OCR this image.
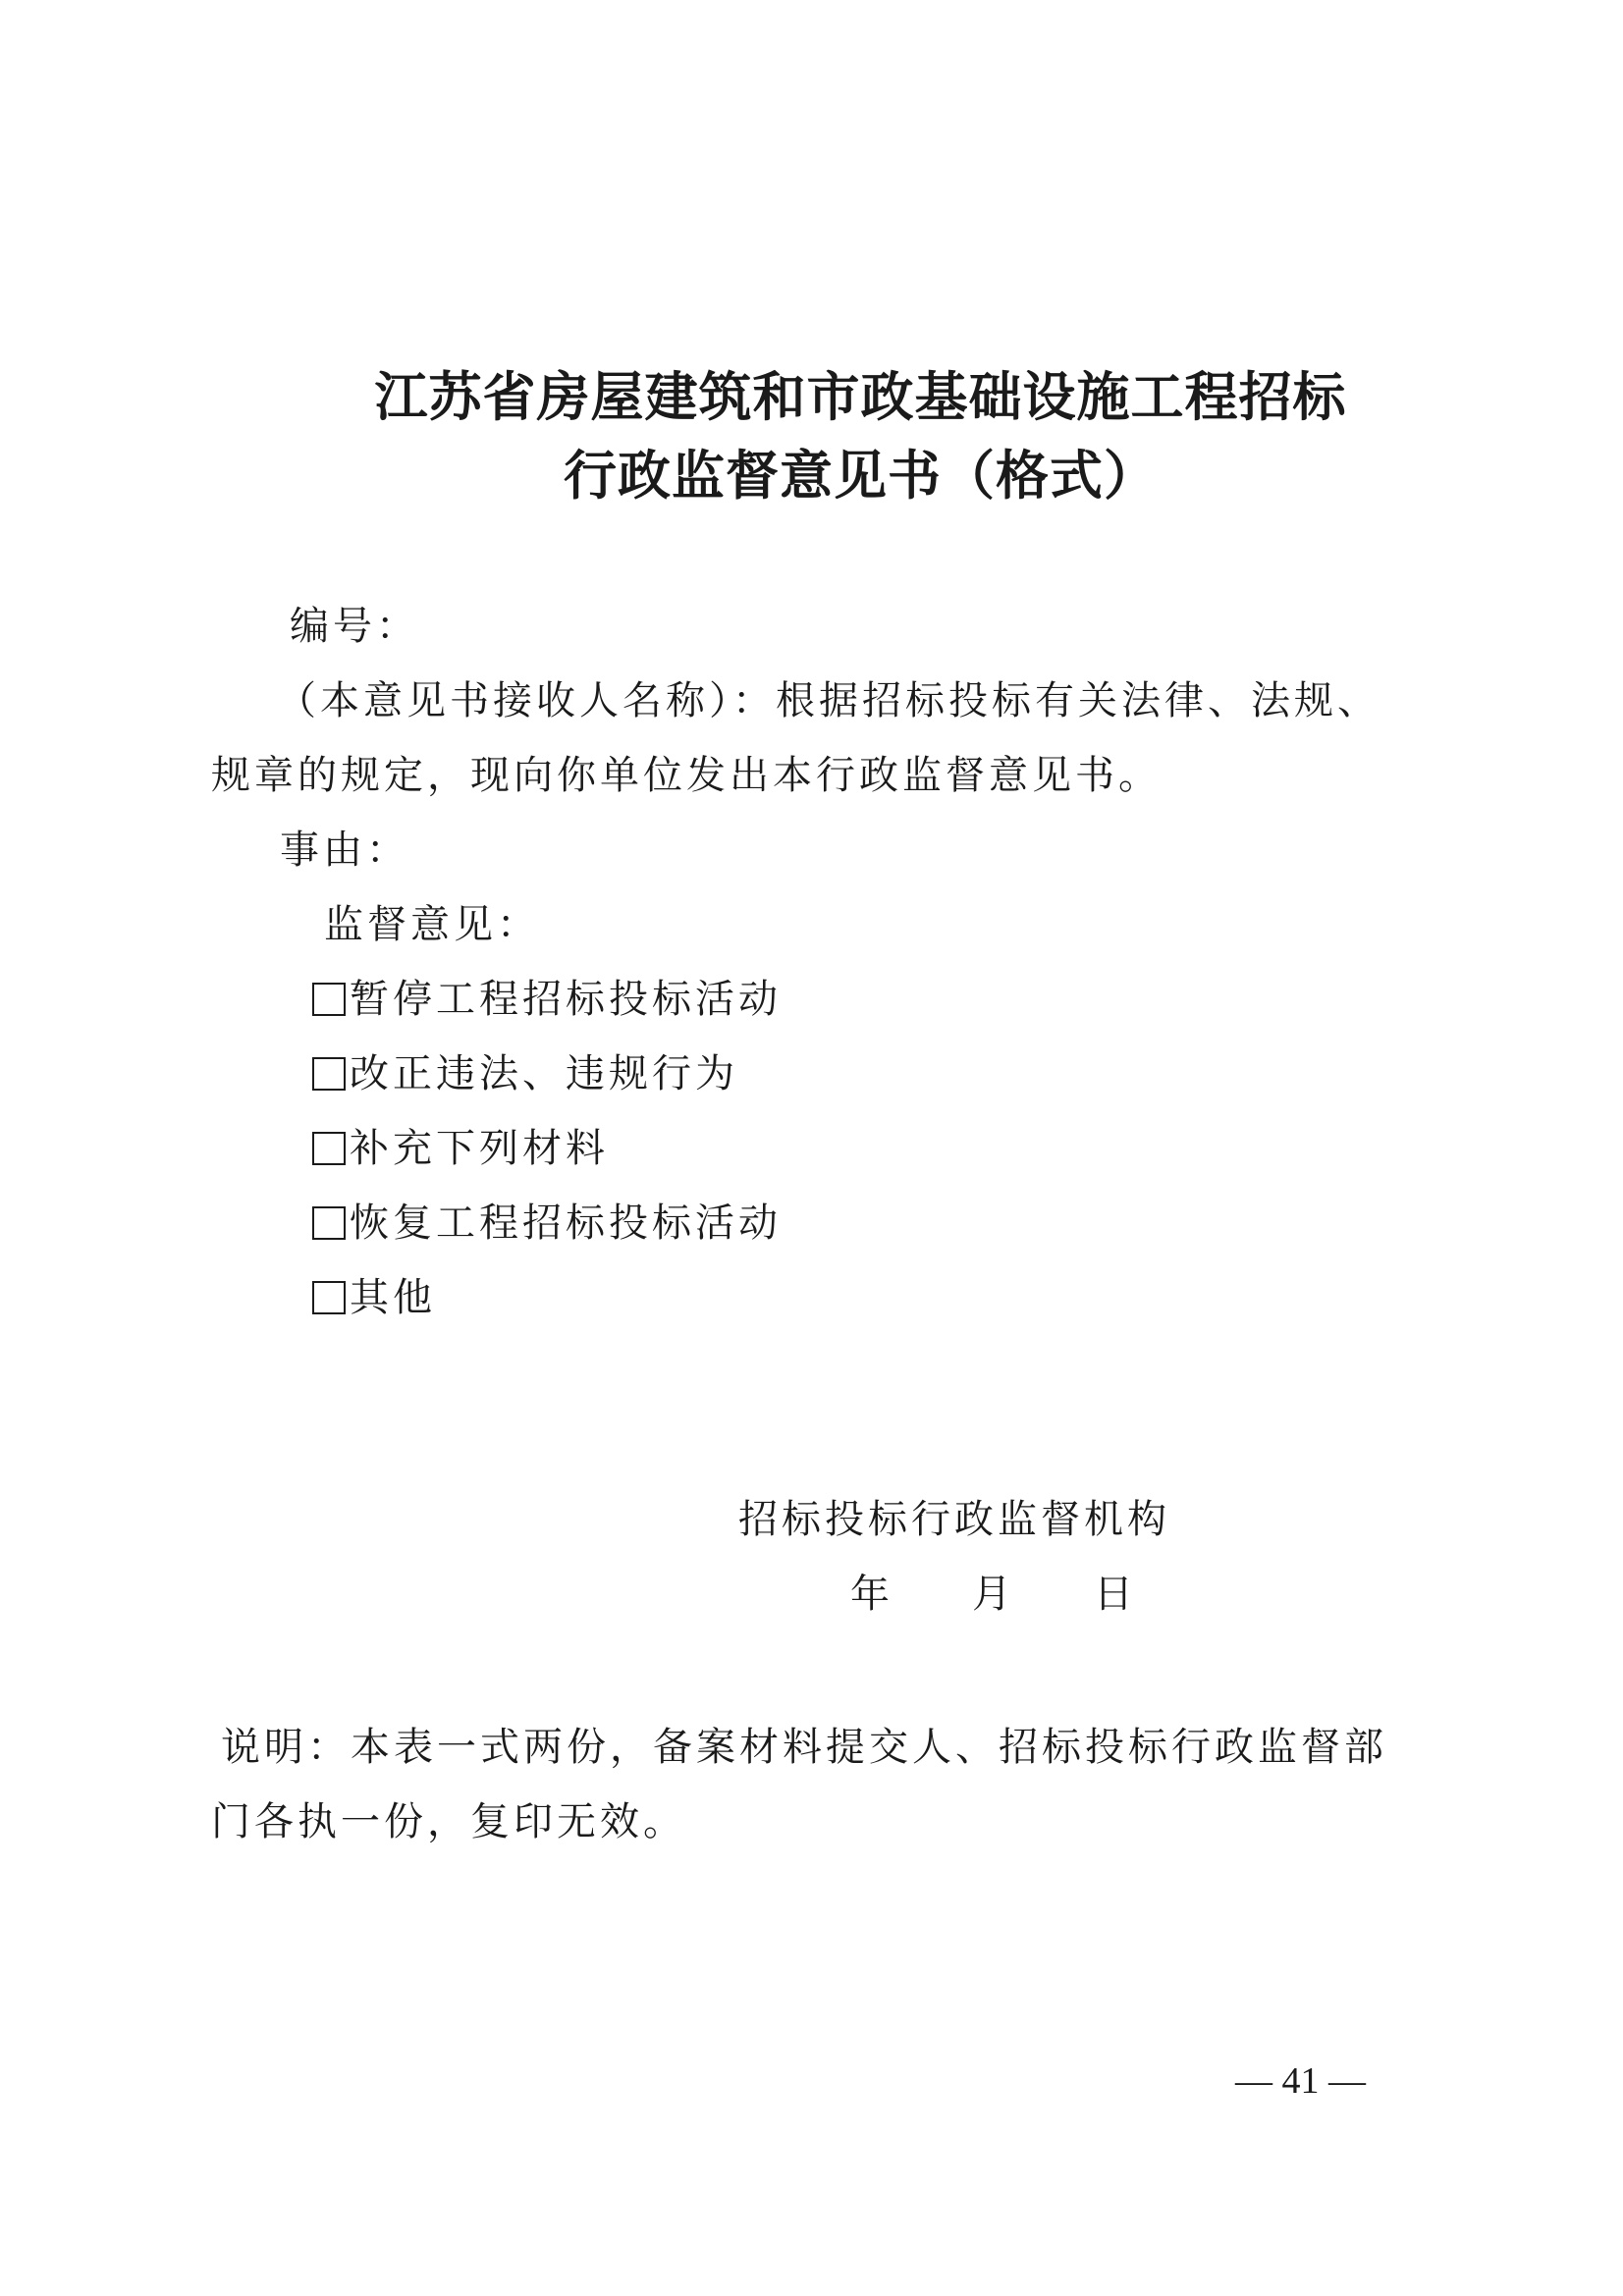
江苏省房屋建筑和市政基础设施工程招标
行政监督意见书（格式）
编号：
（本意见书接收人名称）：根据招标投标有关法律、法规、
规章的规定，现向你单位发出本行政监督意见书。
事由：
监督意见：
暂停工程招标投标活动
改正违法、违规行为
补充下列材料
恢复工程招标投标活动
其他
招标投标行政监督机构
年　月　日
说明：本表一式两份，备案材料提交人、招标投标行政监督部
门各执一份，复印无效。
— 41 —
